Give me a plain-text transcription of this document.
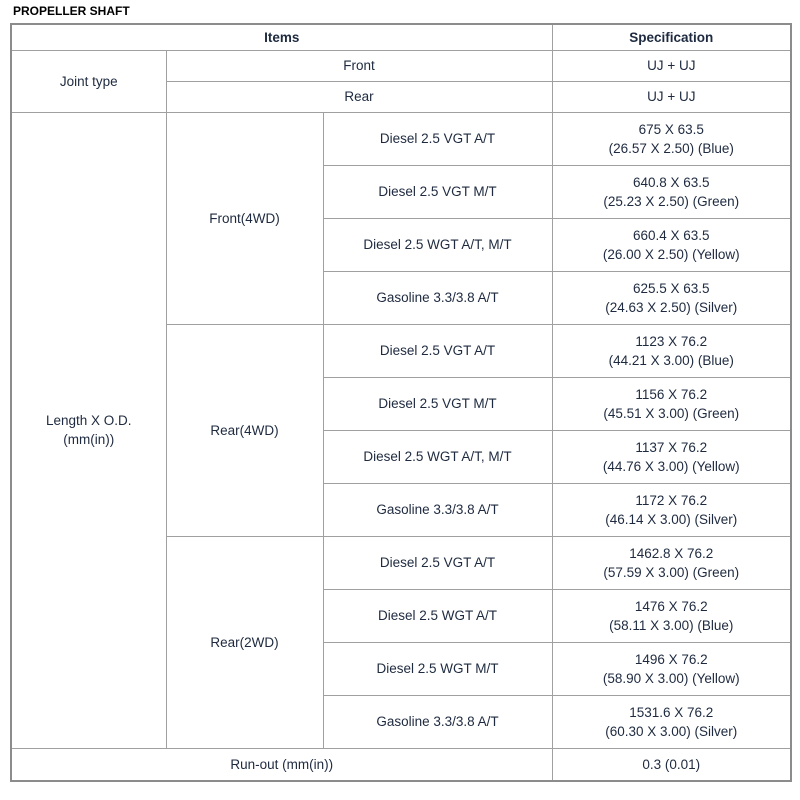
PROPELLER SHAFT
Items			Specification
Joint type	Front		UJ + UJ
	Rear		UJ + UJ

Length X O.D.
(mm(in))	Front(4WD)	Diesel 2.5 VGT A/T	675 X 63.5
(26.57 X 2.50) (Blue)

		Diesel 2.5 VGT M/T	640.8 X 63.5
(25.23 X 2.50) (Green)

		Diesel 2.5 WGT A/T, M/T	660.4 X 63.5
(26.00 X 2.50) (Yellow)

		Gasoline 3.3/3.8 A/T	625.5 X 63.5
(24.63 X 2.50) (Silver)

	Rear(4WD)	Diesel 2.5 VGT A/T	1123 X 76.2
(44.21 X 3.00) (Blue)

		Diesel 2.5 VGT M/T	1156 X 76.2
(45.51 X 3.00) (Green)

		Diesel 2.5 WGT A/T, M/T	1137 X 76.2
(44.76 X 3.00) (Yellow)

		Gasoline 3.3/3.8 A/T	1172 X 76.2
(46.14 X 3.00) (Silver)

	Rear(2WD)	Diesel 2.5 VGT A/T	1462.8 X 76.2
(57.59 X 3.00) (Green)

		Diesel 2.5 WGT A/T	1476 X 76.2
(58.11 X 3.00) (Blue)

		Diesel 2.5 WGT M/T	1496 X 76.2
(58.90 X 3.00) (Yellow)

		Gasoline 3.3/3.8 A/T	1531.6 X 76.2
(60.30 X 3.00) (Silver)

Run-out (mm(in))			0.3 (0.01)
